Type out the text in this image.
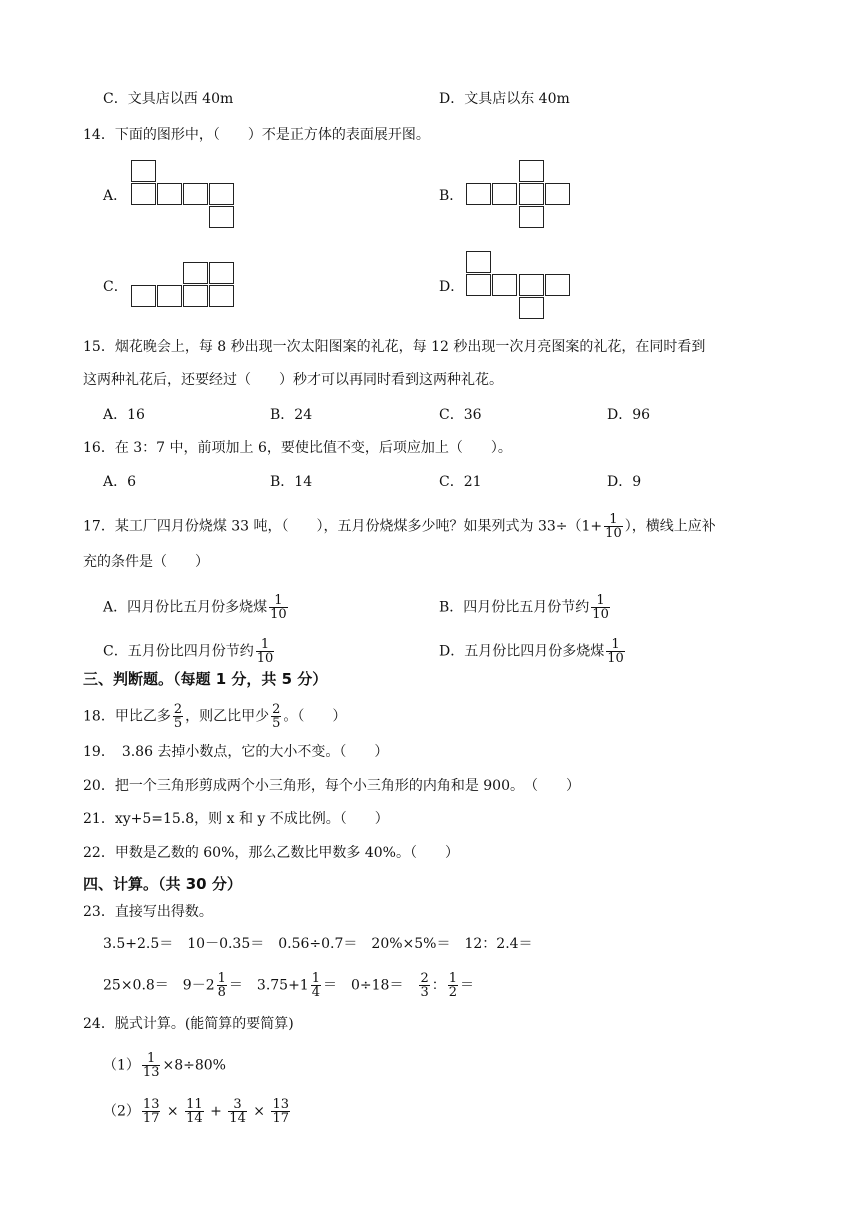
C．文具店以西 40m	D．文具店以东 40m
14．下面的图形中，（　　）不是正方体的表面展开图。
A．	B．
C．	D．
15．烟花晚会上，每 8 秒出现一次太阳图案的礼花，每 12 秒出现一次月亮图案的礼花，在同时看到
这两种礼花后，还要经过（　　）秒才可以再同时看到这两种礼花。
A．16	B．24	C．36	D．96
16．在 3：7 中，前项加上 6，要使比值不变，后项应加上（　　）。
A．6	B．14	C．21	D．9
17．某工厂四月份烧煤 33 吨，（　　），五月份烧煤多少吨？如果列式为 $33\div(1+ \frac{1}{10}$ ），横线上应补
充的条件是（　　）
A．四月份比五月份多烧煤 $\frac{1}{10}$	B．四月份比五月份节约 $\frac{1}{10}$
C．五月份比四月份节约 $\frac{1}{10}$	D．五月份比四月份多烧煤 $\frac{1}{10}$
三、判断题。（每题 1 分，共 5 分）
18．甲比乙多 $\frac{2}{5}$ ，则乙比甲少 $\frac{2}{5}$ 。（　　）
19．　3.86 去掉小数点，它的大小不变。（　　）
20．把一个三角形剪成两个小三角形，每个小三角形的内角和是 900。　（　　）
21．xy+5=15.8，则 x 和 y 不成比例。（　　）
22．甲数是乙数的 60%，那么乙数比甲数多 40%。（　　）
四、计算。（共 30 分）
23．直接写出得数。
3.5+2.5＝　10－0.35＝　0.56÷0.7＝　20%×5%＝　12：2.4＝
25×0.8＝　$9-2 \frac{1}{8}$ ＝　$3.75+1 \frac{1}{4}$ ＝　0÷18＝　 $\frac{2}{3}$ ： $\frac{1}{2}$ ＝
24．脱式计算。(能简算的要简算)
$(1) \frac{1}{13} \times 8\div 80\%$
$(2) \frac{13}{17} \times \frac{11}{14} + \frac{3}{14} \times \frac{13}{17}$
